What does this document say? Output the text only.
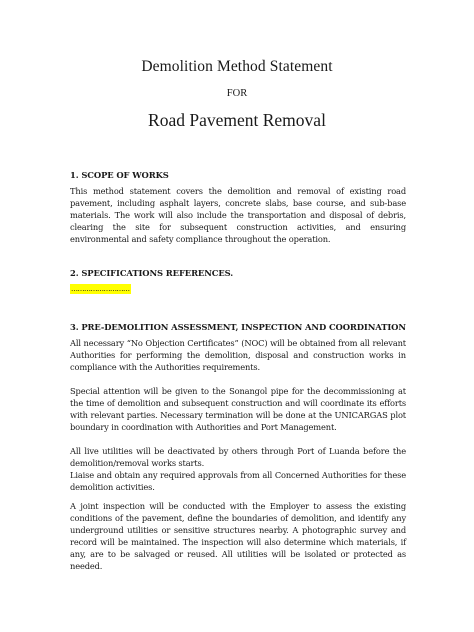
Demolition Method Statement
FOR
Road Pavement Removal
1. SCOPE OF WORKS
This method statement covers the demolition and removal of existing road pavement, including asphalt layers, concrete slabs, base course, and sub-base materials. The work will also include the transportation and disposal of debris, clearing the site for subsequent construction activities, and ensuring environmental and safety compliance throughout the operation.
2. SPECIFICATIONS REFERENCES.
………………………
3. PRE-DEMOLITION ASSESSMENT, INSPECTION AND COORDINATION
All necessary “No Objection Certificates” (NOC) will be obtained from all relevant Authorities for performing the demolition, disposal and construction works in compliance with the Authorities requirements.
Special attention will be given to the Sonangol pipe for the decommissioning at the time of demolition and subsequent construction and will coordinate its efforts with relevant parties. Necessary termination will be done at the UNICARGAS plot boundary in coordination with Authorities and Port Management.
All live utilities will be deactivated by others through Port of Luanda before the demolition/removal works starts.
Liaise and obtain any required approvals from all Concerned Authorities for these demolition activities.
A joint inspection will be conducted with the Employer to assess the existing conditions of the pavement, define the boundaries of demolition, and identify any underground utilities or sensitive structures nearby. A photographic survey and record will be maintained. The inspection will also determine which materials, if any, are to be salvaged or reused. All utilities will be isolated or protected as needed.
